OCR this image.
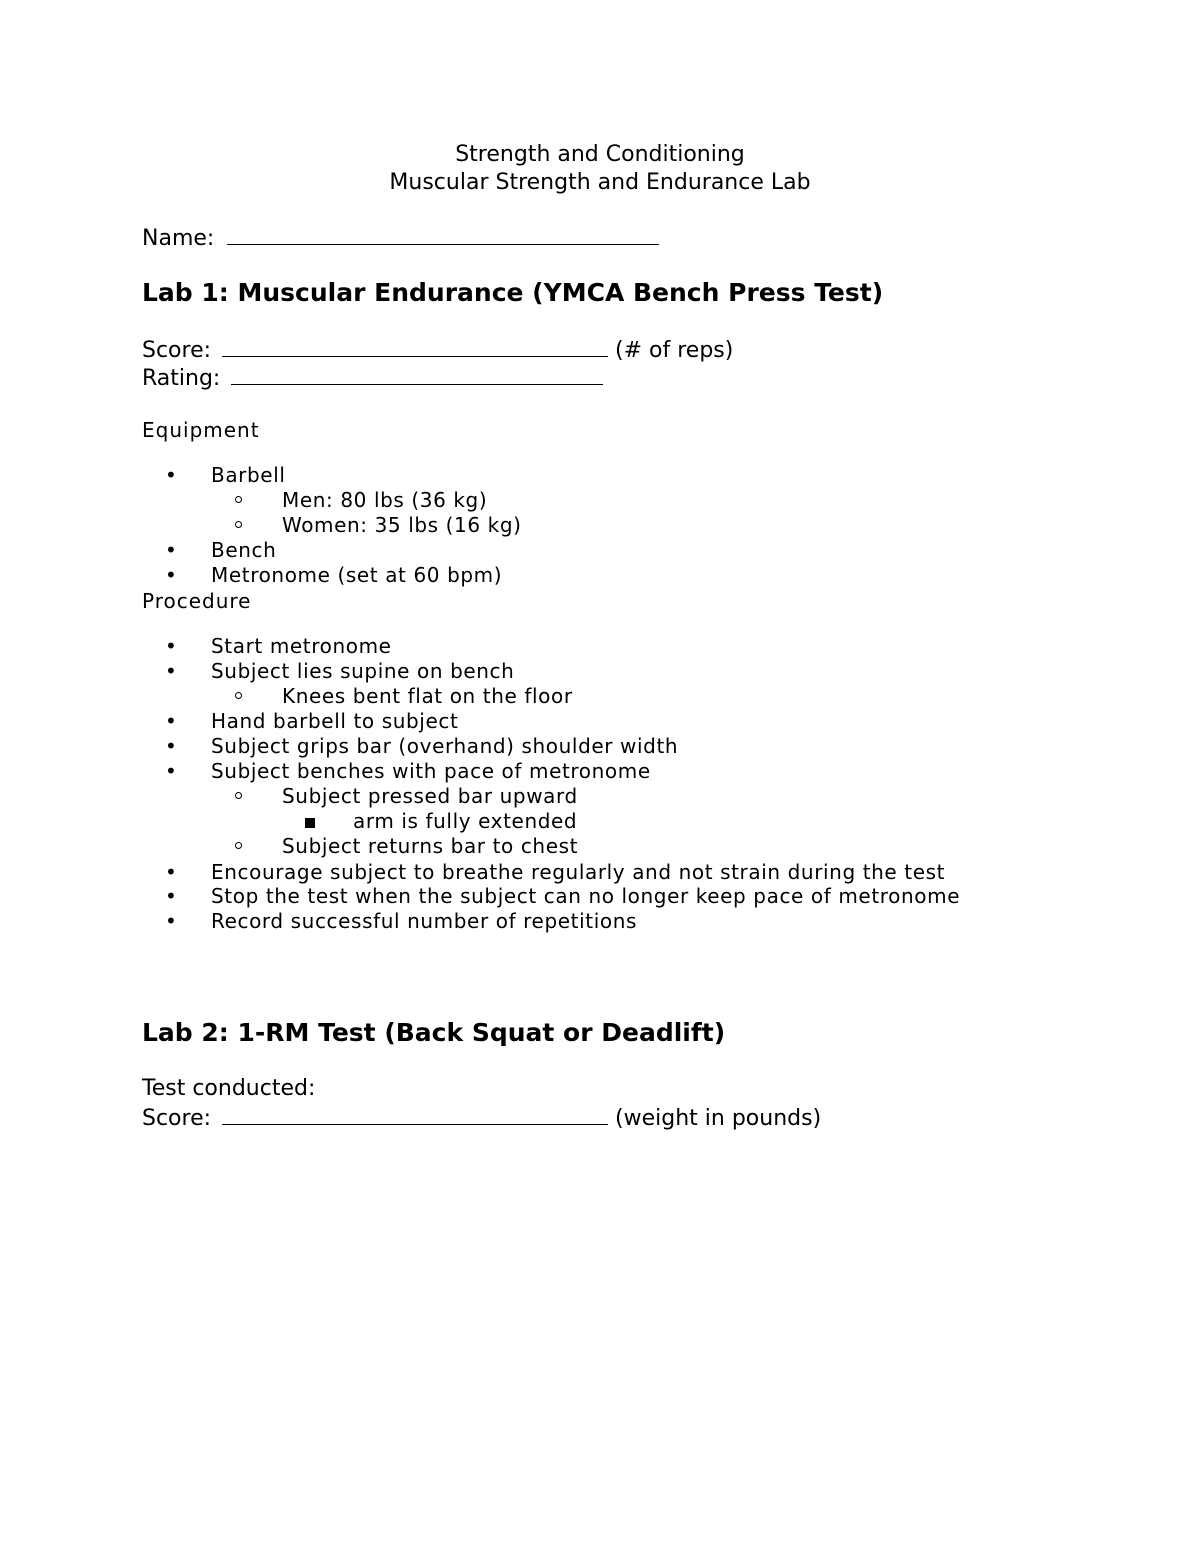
Strength and Conditioning
Muscular Strength and Endurance Lab
Name:
Lab 1: Muscular Endurance (YMCA Bench Press Test)
Score:	(# of reps)
Rating:
Equipment
• Barbell
Men: 80 lbs (36 kg)
Women: 35 lbs (16 kg)
• Bench
• Metronome (set at 60 bpm)
Procedure
• Start metronome
• Subject lies supine on bench
Knees bent flat on the floor
• Hand barbell to subject
• Subject grips bar (overhand) shoulder width
• Subject benches with pace of metronome
Subject pressed bar upward
arm is fully extended
Subject returns bar to chest
• Encourage subject to breathe regularly and not strain during the test
• Stop the test when the subject can no longer keep pace of metronome
• Record successful number of repetitions
Lab 2: 1-RM Test (Back Squat or Deadlift)
Test conducted:
Score:	(weight in pounds)
